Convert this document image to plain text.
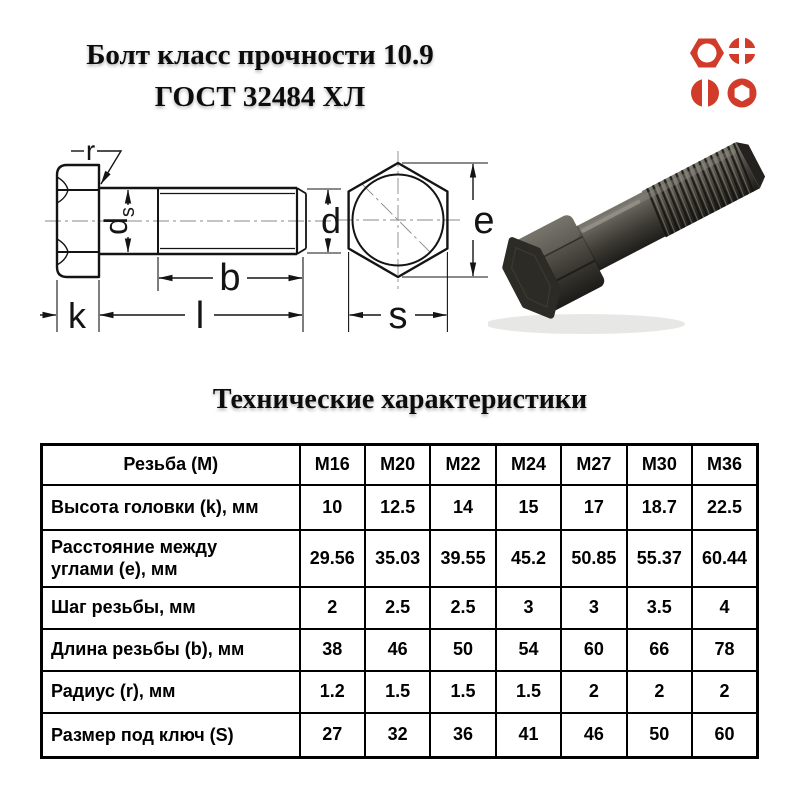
Болт класс прочности 10.9
ГОСТ 32484 ХЛ
r
$d_s$	d
b
l
k
e
s
Технические характеристики
Резьба (М)	М16	М20	М22	М24	М27	М30	М36
Высота головки (k), мм	10	12.5	14	15	17	18.7	22.5

Расстояние между
углами (е), мм	29.56	35.03	39.55	45.2	50.85	55.37	60.44
Шаг резьбы, мм	2	2.5	2.5	3	3	3.5	4
Длина резьбы (b), мм	38	46	50	54	60	66	78
Радиус (r), мм	1.2	1.5	1.5	1.5	2	2	2
Размер под ключ (S)	27	32	36	41	46	50	60
